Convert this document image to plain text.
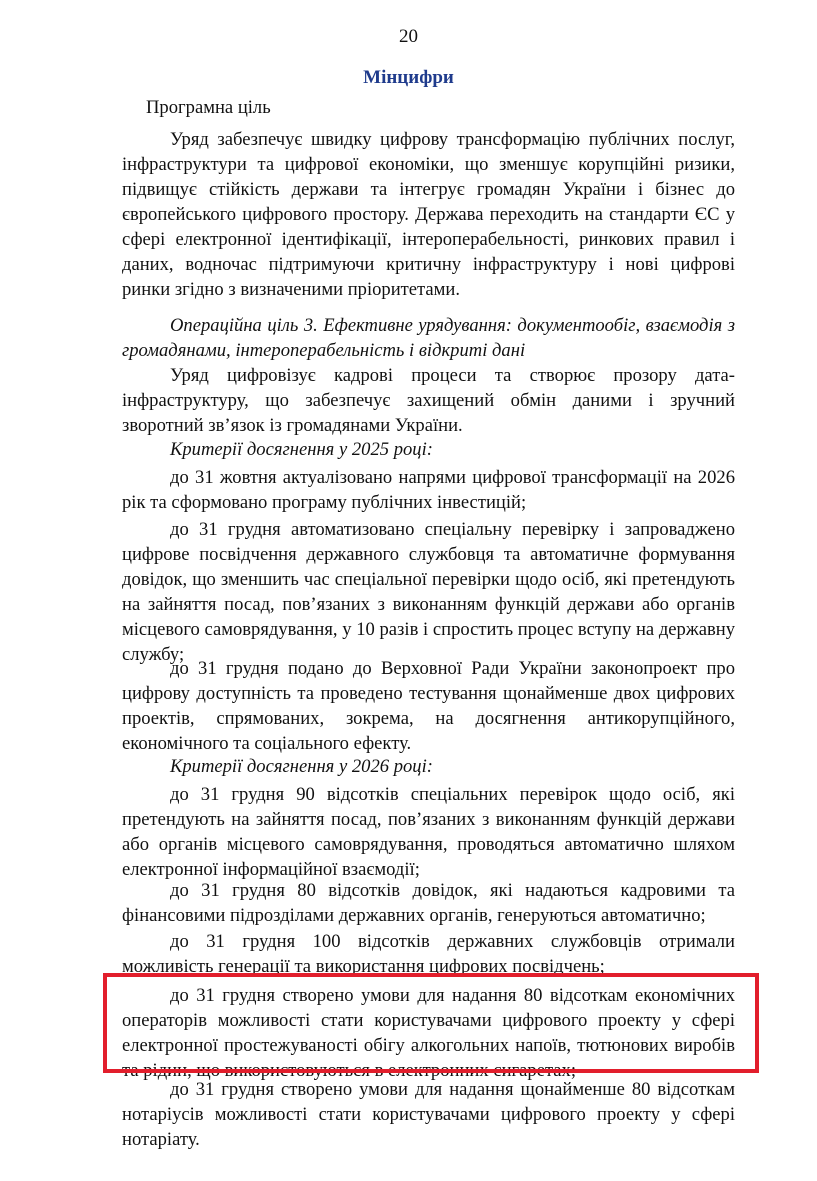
20
Мінцифри

Програмна ціль

Уряд забезпечує швидку цифрову трансформацію публічних послуг, інфраструктури та цифрової економіки, що зменшує корупційні ризики, підвищує стійкість держави та інтегрує громадян України і бізнес до європейського цифрового простору. Держава переходить на стандарти ЄС у сфері електронної ідентифікації, інтероперабельності, ринкових правил і даних, водночас підтримуючи критичну інфраструктуру і нові цифрові ринки згідно з визначеними пріоритетами.

Операційна ціль 3. Ефективне урядування: документообіг, взаємодія з громадянами, інтероперабельність і відкриті дані

Уряд цифровізує кадрові процеси та створює прозору дата-інфраструктуру, що забезпечує захищений обмін даними і зручний зворотний зв’язок із громадянами України.

Критерії досягнення у 2025 році:

до 31 жовтня актуалізовано напрями цифрової трансформації на 2026 рік та сформовано програму публічних інвестицій;

до 31 грудня автоматизовано спеціальну перевірку і запроваджено цифрове посвідчення державного службовця та автоматичне формування довідок, що зменшить час спеціальної перевірки щодо осіб, які претендують на зайняття посад, пов’язаних з виконанням функцій держави або органів місцевого самоврядування, у 10 разів і спростить процес вступу на державну службу;

до 31 грудня подано до Верховної Ради України законопроект про цифрову доступність та проведено тестування щонайменше двох цифрових проектів, спрямованих, зокрема, на досягнення антикорупційного, економічного та соціального ефекту.

Критерії досягнення у 2026 році:

до 31 грудня 90 відсотків спеціальних перевірок щодо осіб, які претендують на зайняття посад, пов’язаних з виконанням функцій держави або органів місцевого самоврядування, проводяться автоматично шляхом електронної інформаційної взаємодії;

до 31 грудня 80 відсотків довідок, які надаються кадровими та фінансовими підрозділами державних органів, генеруються автоматично;

до 31 грудня 100 відсотків державних службовців отримали можливість генерації та використання цифрових посвідчень;

до 31 грудня створено умови для надання 80 відсоткам економічних операторів можливості стати користувачами цифрового проекту у сфері електронної простежуваності обігу алкогольних напоїв, тютюнових виробів та рідин, що використовуються в електронних сигаретах;

до 31 грудня створено умови для надання щонайменше 80 відсоткам нотаріусів можливості стати користувачами цифрового проекту у сфері нотаріату.
